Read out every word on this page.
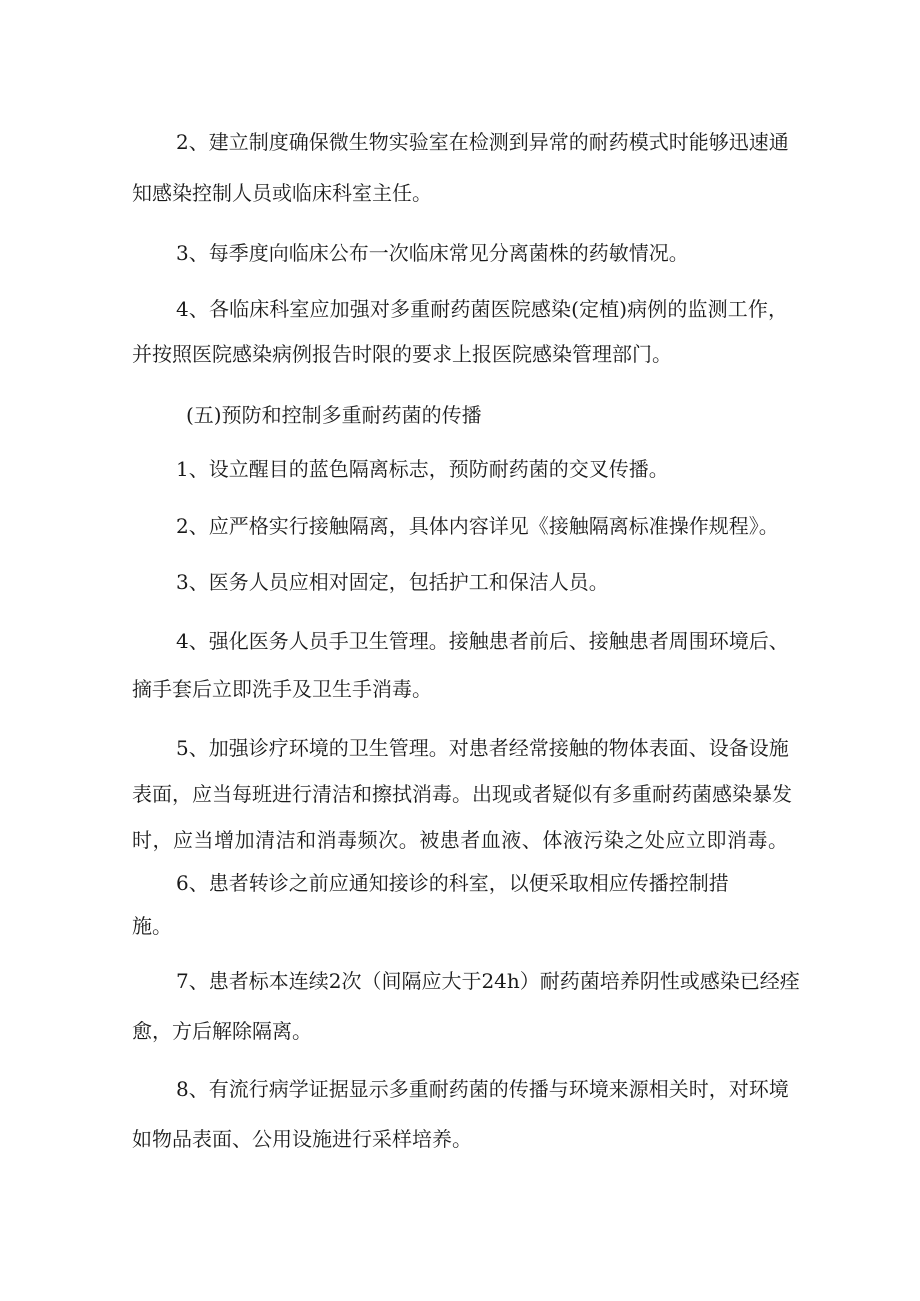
2、建立制度确保微生物实验室在检测到异常的耐药模式时能够迅速通
知感染控制人员或临床科室主任。
3、每季度向临床公布一次临床常见分离菌株的药敏情况。
4、各临床科室应加强对多重耐药菌医院感染(定植)病例的监测工作，
并按照医院感染病例报告时限的要求上报医院感染管理部门。
(五)预防和控制多重耐药菌的传播
1、设立醒目的蓝色隔离标志，预防耐药菌的交叉传播。
2、应严格实行接触隔离，具体内容详见《接触隔离标准操作规程》。
3、医务人员应相对固定，包括护工和保洁人员。
4、强化医务人员手卫生管理。接触患者前后、接触患者周围环境后、
摘手套后立即洗手及卫生手消毒。
5、加强诊疗环境的卫生管理。对患者经常接触的物体表面、设备设施
表面，应当每班进行清洁和擦拭消毒。出现或者疑似有多重耐药菌感染暴发
时，应当增加清洁和消毒频次。被患者血液、体液污染之处应立即消毒。
6、患者转诊之前应通知接诊的科室，以便采取相应传播控制措
施。
7、患者标本连续2次（间隔应大于24h）耐药菌培养阴性或感染已经痊
愈，方后解除隔离。
8、有流行病学证据显示多重耐药菌的传播与环境来源相关时，对环境
如物品表面、公用设施进行采样培养。
